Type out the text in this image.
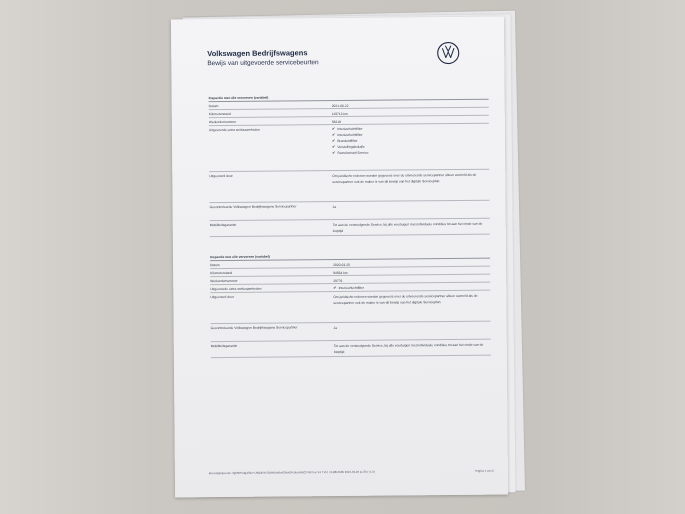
Volkswagen Bedrijfswagens
Bewijs van uitgevoerde servicebeurten
Inspectie met olie verversen (variabel)
Datum	2021-06-22
Kilometerstand	119713 km
Werkordernummer	58218
Uitgevoerde extra werkzaamheden	✔ Interieurluchtfilter
✔ Interieurluchtfilter
✔ Brandstoffilter
✔ Verstellingsbokalle
✔ Remvloeistof Service
Uitgevoerd door	Om juridische redenen worden gegevens over de uitvoerende servicepartner alleen vermeld als de servicepartner ook de maker is van dit bewijs van het digitale Serviceplan.
Gecontroleerde Volkswagen Bedrijfswagens Servicepartner	Ja
Mobiliteitsgarantie	Tot aan de eerstvolgende Service, bij alle voertuigen met individuele condities tot aan het einde van de looptijd
Inspectie met olie verversen (variabel)
Datum	2020-03-20
Kilometerstand	94564 km
Werkordernummer	29776
Uitgevoerde extra werkzaamheden	✔ Interieurluchtfilter
Uitgevoerd door	Om juridische redenen worden gegevens over de uitvoerende servicepartner alleen vermeld als de servicepartner ook de maker is van dit bewijs van het digitale Serviceplan.
Gecontroleerde Volkswagen Bedrijfswagens Servicepartner	Ja
Mobiliteitsgarantie	Tot aan de eerstvolgende Service, bij alle voertuigen met individuele condities tot aan het einde van de looptijd
Bevestigingscode: 9gO9HVdgdGkn+U9kDh0v7EMNiVaKbdG5kNO4JtiaARhCtYNtrTvx7V4 TVN: 76-8815585 2024-02-26 11:33 (+1.0)	Pagina 4 van 5
